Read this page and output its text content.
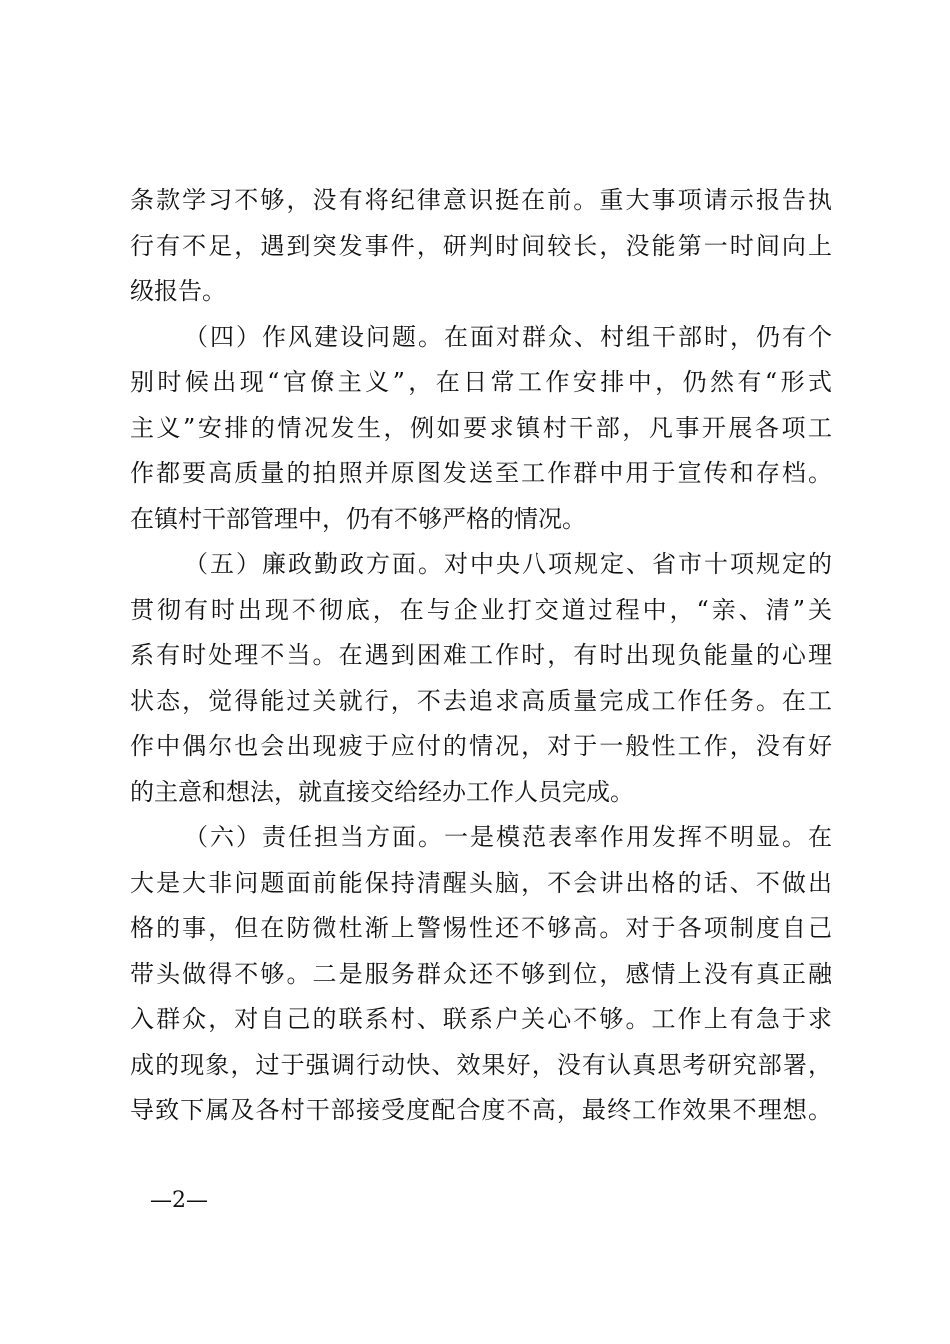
条款学习不够，没有将纪律意识挺在前。重大事项请示报告执
行有不足，遇到突发事件，研判时间较长，没能第一时间向上
级报告。
（四）作风建设问题。在面对群众、村组干部时，仍有个
别时候出现“官僚主义”，在日常工作安排中，仍然有“形式
主义”安排的情况发生，例如要求镇村干部，凡事开展各项工
作都要高质量的拍照并原图发送至工作群中用于宣传和存档。
在镇村干部管理中，仍有不够严格的情况。
（五）廉政勤政方面。对中央八项规定、省市十项规定的
贯彻有时出现不彻底，在与企业打交道过程中，“亲、清”关
系有时处理不当。在遇到困难工作时，有时出现负能量的心理
状态，觉得能过关就行，不去追求高质量完成工作任务。在工
作中偶尔也会出现疲于应付的情况，对于一般性工作，没有好
的主意和想法，就直接交给经办工作人员完成。
（六）责任担当方面。一是模范表率作用发挥不明显。在
大是大非问题面前能保持清醒头脑，不会讲出格的话、不做出
格的事，但在防微杜渐上警惕性还不够高。对于各项制度自己
带头做得不够。二是服务群众还不够到位，感情上没有真正融
入群众，对自己的联系村、联系户关心不够。工作上有急于求
成的现象，过于强调行动快、效果好，没有认真思考研究部署，
导致下属及各村干部接受度配合度不高，最终工作效果不理想。
—2—
